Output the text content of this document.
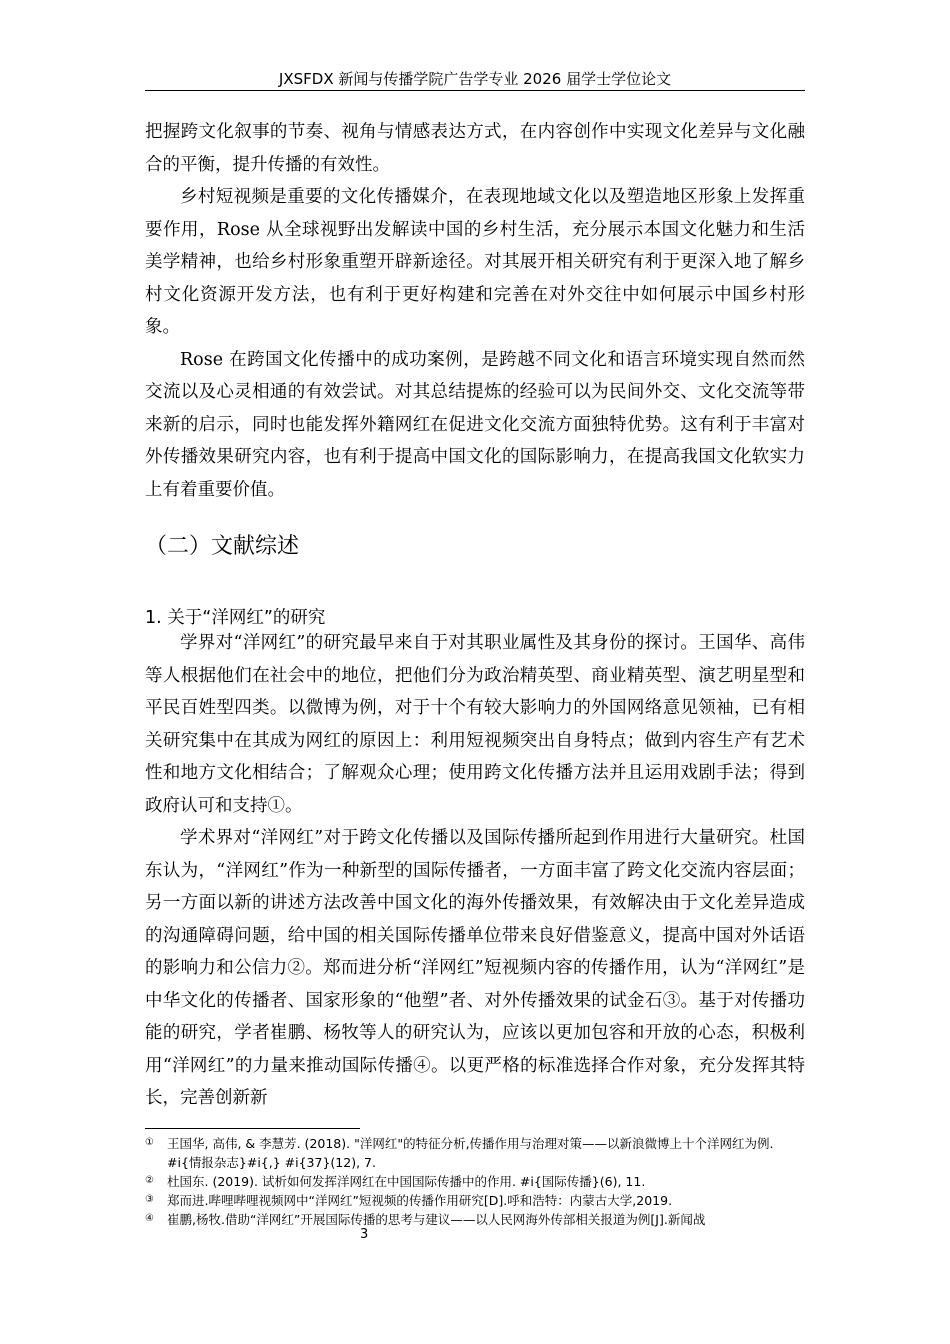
JXSFDX 新闻与传播学院广告学专业 2026 届学士学位论文

把握跨文化叙事的节奏、视角与情感表达方式，在内容创作中实现文化差异与文化融合的平衡，提升传播的有效性。

乡村短视频是重要的文化传播媒介，在表现地域文化以及塑造地区形象上发挥重要作用，Rose 从全球视野出发解读中国的乡村生活，充分展示本国文化魅力和生活美学精神，也给乡村形象重塑开辟新途径。对其展开相关研究有利于更深入地了解乡村文化资源开发方法，也有利于更好构建和完善在对外交往中如何展示中国乡村形象。

Rose 在跨国文化传播中的成功案例，是跨越不同文化和语言环境实现自然而然交流以及心灵相通的有效尝试。对其总结提炼的经验可以为民间外交、文化交流等带来新的启示，同时也能发挥外籍网红在促进文化交流方面独特优势。这有利于丰富对外传播效果研究内容，也有利于提高中国文化的国际影响力，在提高我国文化软实力上有着重要价值。

（二）文献综述
1. 关于“洋网红”的研究

学界对“洋网红”的研究最早来自于对其职业属性及其身份的探讨。王国华、高伟等人根据他们在社会中的地位，把他们分为政治精英型、商业精英型、演艺明星型和平民百姓型四类。以微博为例，对于十个有较大影响力的外国网络意见领袖，已有相关研究集中在其成为网红的原因上：利用短视频突出自身特点；做到内容生产有艺术性和地方文化相结合；了解观众心理；使用跨文化传播方法并且运用戏剧手法；得到政府认可和支持①。

学术界对“洋网红”对于跨文化传播以及国际传播所起到作用进行大量研究。杜国东认为，“洋网红”作为一种新型的国际传播者，一方面丰富了跨文化交流内容层面；另一方面以新的讲述方法改善中国文化的海外传播效果，有效解决由于文化差异造成的沟通障碍问题，给中国的相关国际传播单位带来良好借鉴意义，提高中国对外话语的影响力和公信力②。郑而进分析“洋网红”短视频内容的传播作用，认为“洋网红”是中华文化的传播者、国家形象的“他塑”者、对外传播效果的试金石③。基于对传播功能的研究，学者崔鹏、杨牧等人的研究认为，应该以更加包容和开放的心态，积极利用“洋网红”的力量来推动国际传播④。以更严格的标准选择合作对象，充分发挥其特长，完善创新新

①	王国华, 高伟, & 李慧芳. (2018). "洋网红"的特征分析,传播作用与治理对策——以新浪微博上十个洋网红为例. #i{情报杂志}#i{,} #i{37}(12), 7.
②	杜国东. (2019). 试析如何发挥洋网红在中国国际传播中的作用. #i{国际传播}(6), 11.
③	郑而进.哔哩哔哩视频网中“洋网红”短视频的传播作用研究[D].呼和浩特：内蒙古大学,2019.
④	崔鹏,杨牧.借助“洋网红”开展国际传播的思考与建议——以人民网海外传部相关报道为例[J].新闻战
3
